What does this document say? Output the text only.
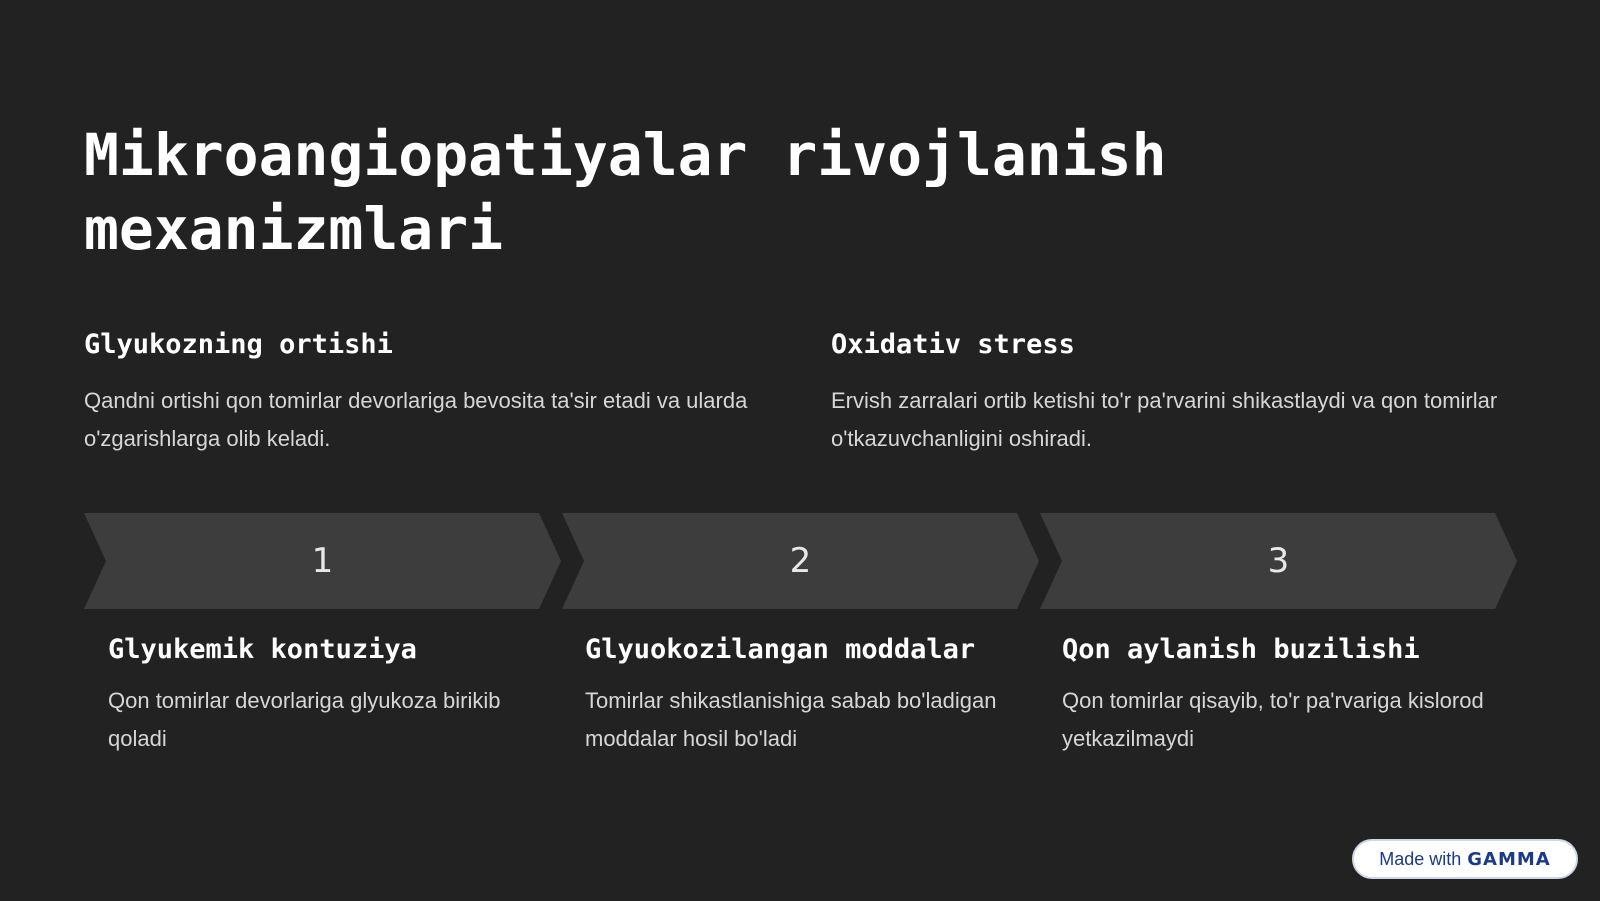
Mikroangiopatiyalar rivojlanish mexanizmlari
Glyukozning ortishi

Qandni ortishi qon tomirlar devorlariga bevosita ta'sir etadi va ularda o'zgarishlarga olib keladi.

Oxidativ stress

Ervish zarralari ortib ketishi to'r pa'rvarini shikastlaydi va qon tomirlar o'tkazuvchanligini oshiradi.

1	2	3
Glyukemik kontuziya

Qon tomirlar devorlariga glyukoza birikib qoladi

Glyuokozilangan moddalar

Tomirlar shikastlanishiga sabab bo'ladigan moddalar hosil bo'ladi

Qon aylanish buzilishi

Qon tomirlar qisayib, to'r pa'rvariga kislorod yetkazilmaydi

Made with GAMMA
